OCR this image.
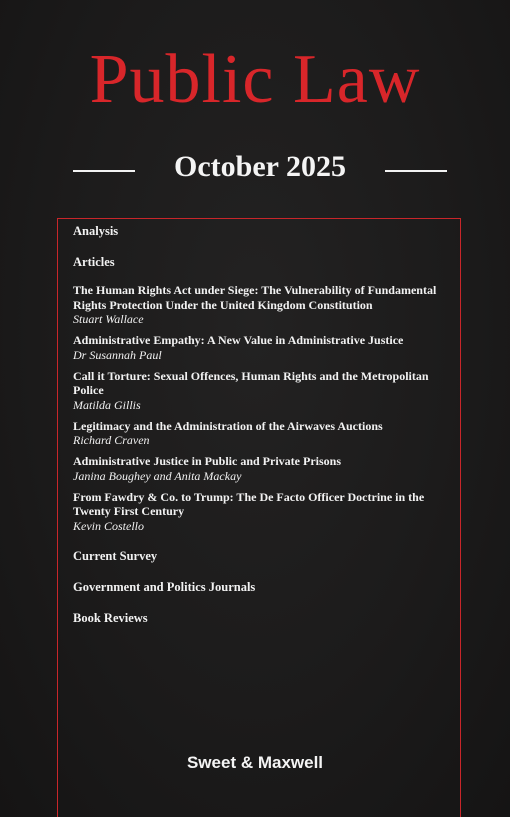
Public Law
October 2025

Analysis

Articles

The Human Rights Act under Siege: The Vulnerability of Fundamental Rights Protection Under the United Kingdom Constitution

Stuart Wallace

Administrative Empathy: A New Value in Administrative Justice

Dr Susannah Paul

Call it Torture: Sexual Offences, Human Rights and the Metropolitan Police

Matilda Gillis

Legitimacy and the Administration of the Airwaves Auctions

Richard Craven

Administrative Justice in Public and Private Prisons

Janina Boughey and Anita Mackay

From Fawdry & Co. to Trump: The De Facto Officer Doctrine in the Twenty First Century

Kevin Costello

Current Survey

Government and Politics Journals

Book Reviews

Sweet & Maxwell
